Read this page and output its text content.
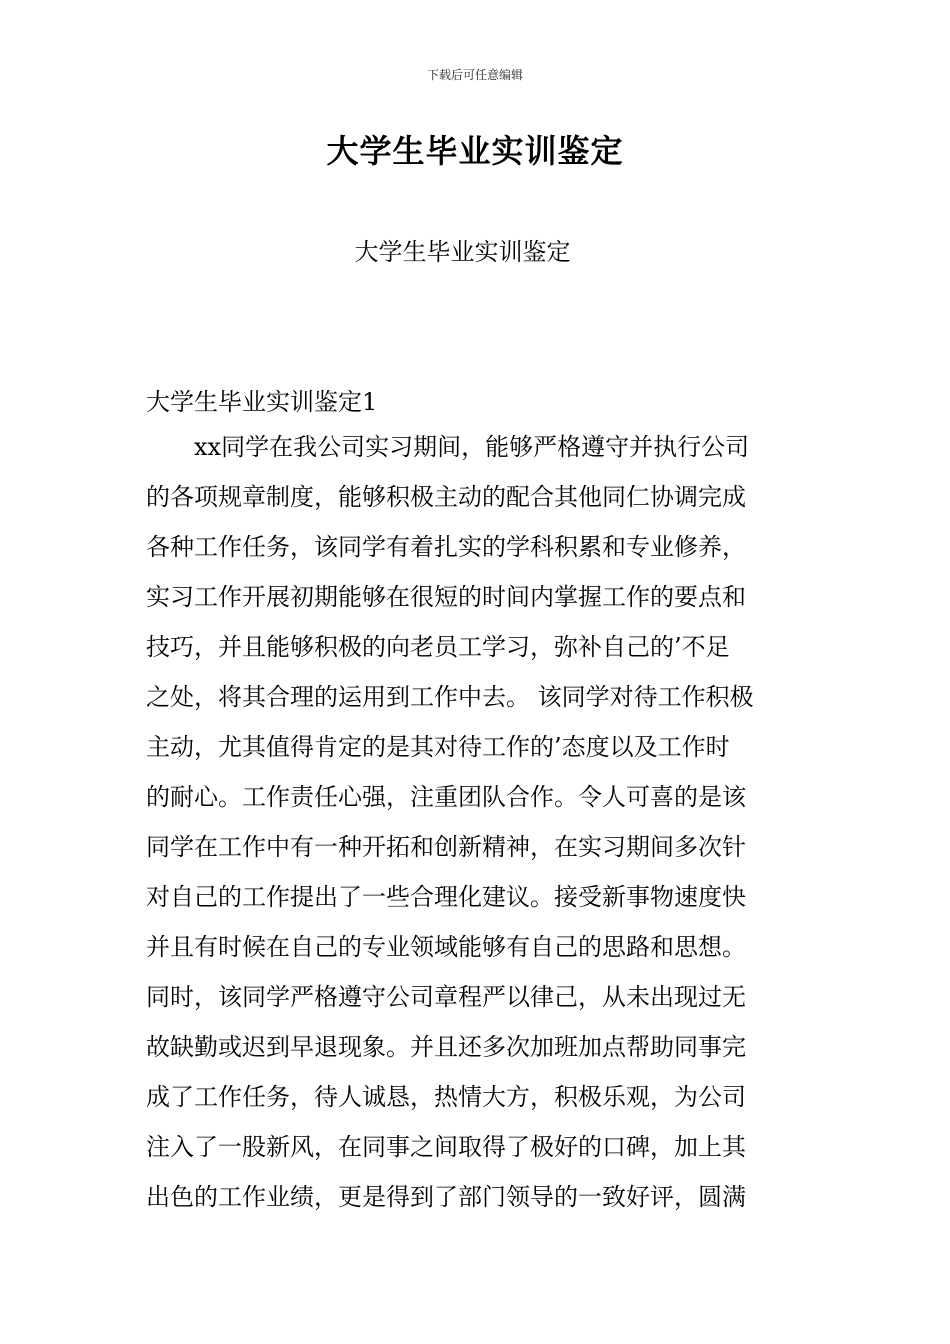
下载后可任意编辑
大学生毕业实训鉴定
大学生毕业实训鉴定
大学生毕业实训鉴定1
　　xx同学在我公司实习期间，能够严格遵守并执行公司
的各项规章制度，能够积极主动的配合其他同仁协调完成
各种工作任务，该同学有着扎实的学科积累和专业修养，
实习工作开展初期能够在很短的时间内掌握工作的要点和
技巧，并且能够积极的向老员工学习，弥补自己的’不足
之处，将其合理的运用到工作中去。 该同学对待工作积极
主动，尤其值得肯定的是其对待工作的’态度以及工作时
的耐心。工作责任心强，注重团队合作。令人可喜的是该
同学在工作中有一种开拓和创新精神，在实习期间多次针
对自己的工作提出了一些合理化建议。接受新事物速度快
并且有时候在自己的专业领域能够有自己的思路和思想。
同时，该同学严格遵守公司章程严以律己，从未出现过无
故缺勤或迟到早退现象。并且还多次加班加点帮助同事完
成了工作任务，待人诚恳，热情大方，积极乐观，为公司
注入了一股新风，在同事之间取得了极好的口碑，加上其
出色的工作业绩，更是得到了部门领导的一致好评，圆满
